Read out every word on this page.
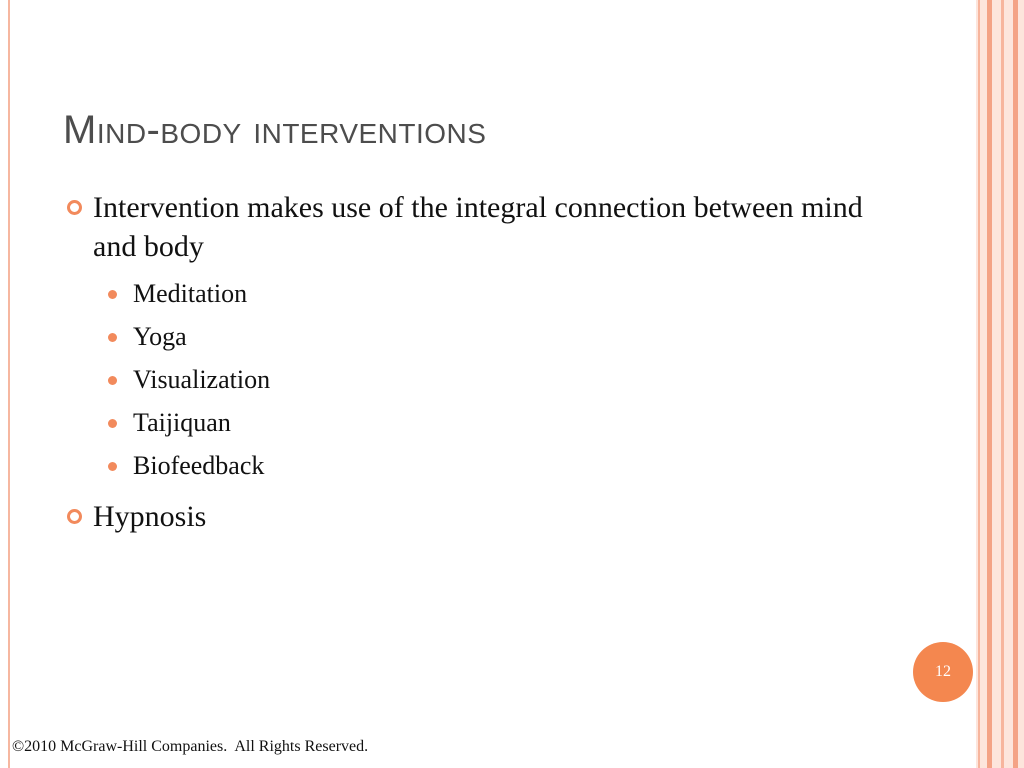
Mind-body interventions
Intervention makes use of the integral connection between mind and body
Meditation
Yoga
Visualization
Taijiquan
Biofeedback
Hypnosis
12
©2010 McGraw-Hill Companies.  All Rights Reserved.
